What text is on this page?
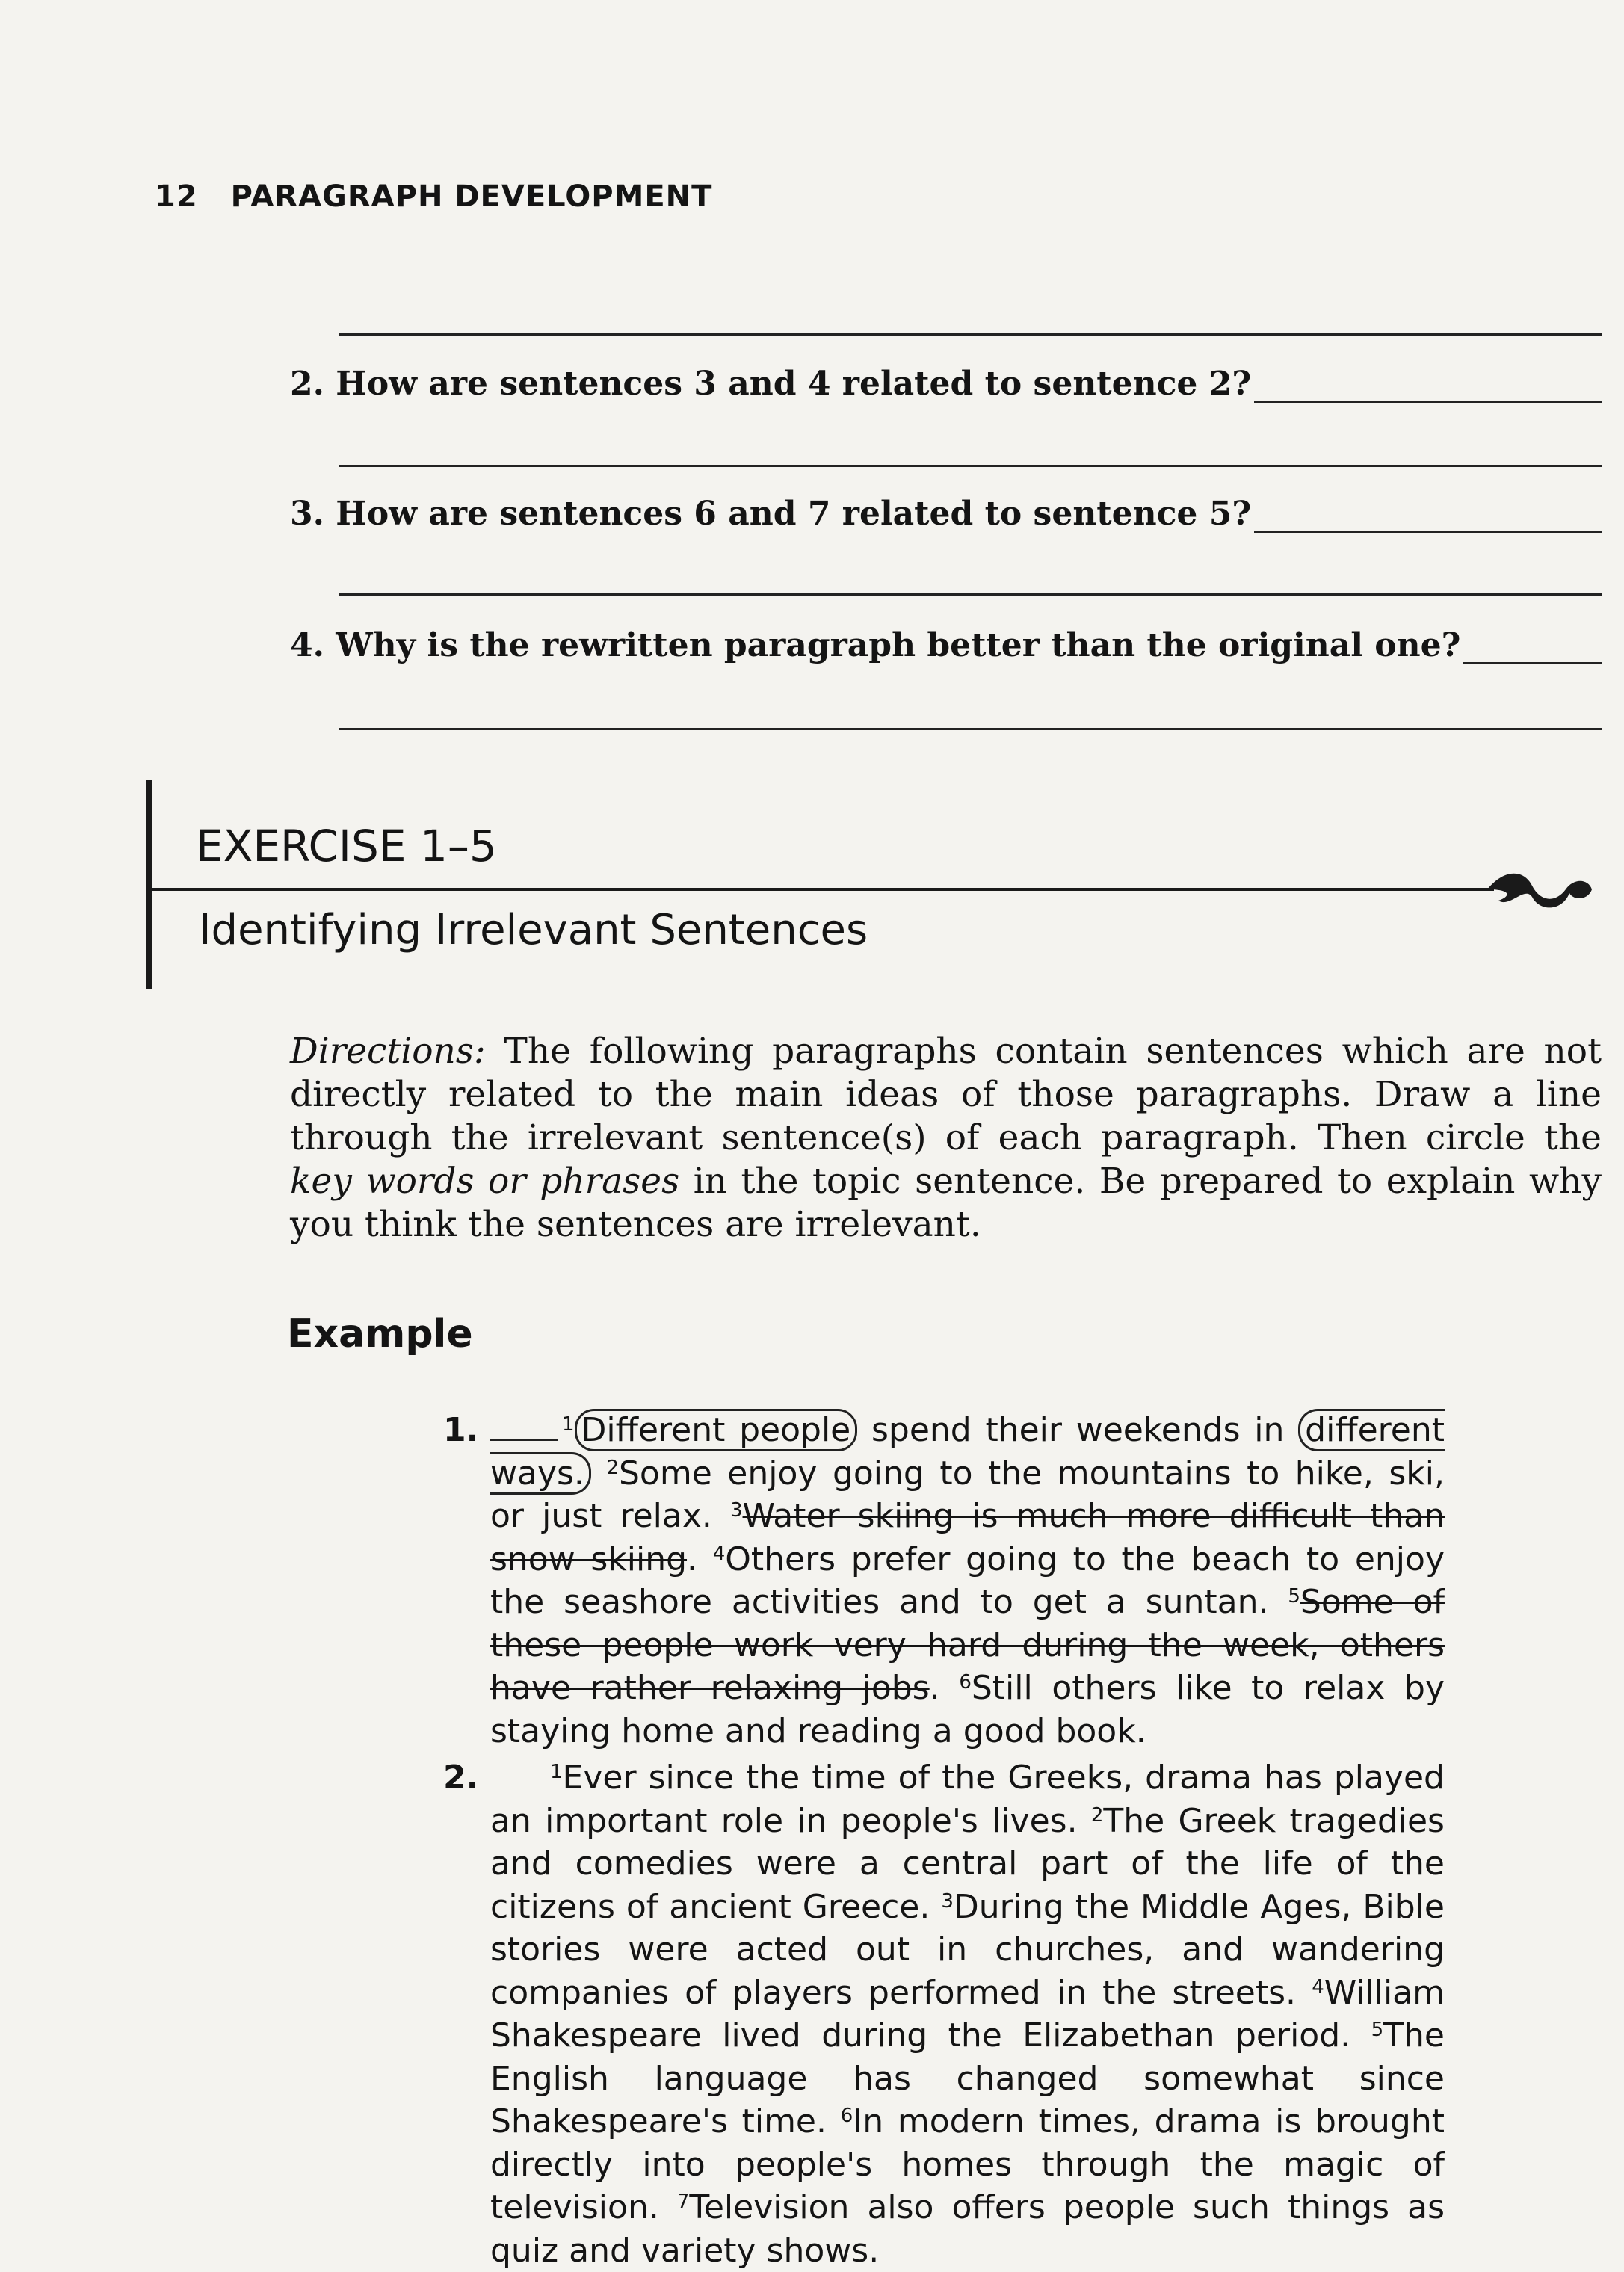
12 PARAGRAPH DEVELOPMENT
2. How are sentences 3 and 4 related to sentence 2?
3. How are sentences 6 and 7 related to sentence 5?
4. Why is the rewritten paragraph better than the original one?
EXERCISE 1–5
Identifying Irrelevant Sentences
Directions: The following paragraphs contain sentences which are not directly related to the main ideas of those paragraphs. Draw a line through the irrelevant sentence(s) of each paragraph. Then circle the key words or phrases in the topic sentence. Be prepared to explain why you think the sentences are irrelevant.
Example
1.	$^1$ Different people spend their weekends in different ways. $^2$Some enjoy going to the mountains to hike, ski, or just relax. $^3$Water skiing is much more difficult than snow skiing. $^4$Others prefer going to the beach to enjoy the seashore activities and to get a suntan. $^5$Some of these people work very hard during the week, others have rather relaxing jobs. $^6$Still others like to relax by staying home and reading a good book.
2.	$^1$Ever since the time of the Greeks, drama has played an important role in people's lives. $^2$The Greek tragedies and comedies were a central part of the life of the citizens of ancient Greece. $^3$During the Middle Ages, Bible stories were acted out in churches, and wandering companies of players performed in the streets. $^4$William Shakespeare lived during the Elizabethan period. $^5$The English language has changed somewhat since Shakespeare's time. $^6$In modern times, drama is brought directly into people's homes through the magic of television. $^7$Television also offers people such things as quiz and variety shows.
